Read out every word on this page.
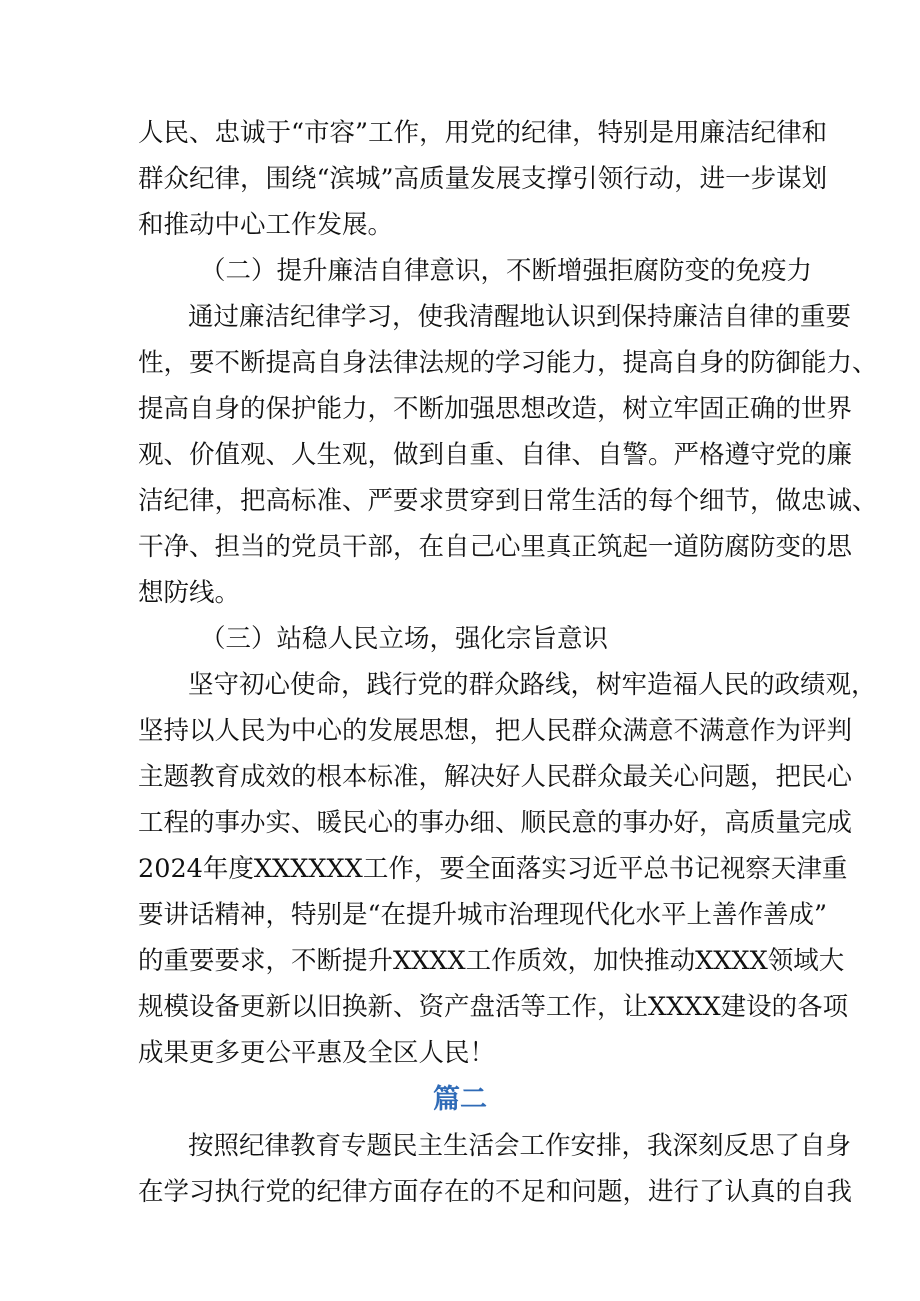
人民、忠诚于“市容”工作，用党的纪律，特别是用廉洁纪律和
群众纪律，围绕“滨城”高质量发展支撑引领行动，进一步谋划
和推动中心工作发展。
（二）提升廉洁自律意识，不断增强拒腐防变的免疫力
通过廉洁纪律学习，使我清醒地认识到保持廉洁自律的重要
性，要不断提高自身法律法规的学习能力，提高自身的防御能力、
提高自身的保护能力，不断加强思想改造，树立牢固正确的世界
观、价值观、人生观，做到自重、自律、自警。严格遵守党的廉
洁纪律，把高标准、严要求贯穿到日常生活的每个细节，做忠诚、
干净、担当的党员干部，在自己心里真正筑起一道防腐防变的思
想防线。
（三）站稳人民立场，强化宗旨意识
坚守初心使命，践行党的群众路线，树牢造福人民的政绩观，
坚持以人民为中心的发展思想，把人民群众满意不满意作为评判
主题教育成效的根本标准，解决好人民群众最关心问题，把民心
工程的事办实、暖民心的事办细、顺民意的事办好，高质量完成
2024年度XXXXXX工作，要全面落实习近平总书记视察天津重
要讲话精神，特别是“在提升城市治理现代化水平上善作善成”
的重要要求，不断提升XXXX工作质效，加快推动XXXX领域大
规模设备更新以旧换新、资产盘活等工作，让XXXX建设的各项
成果更多更公平惠及全区人民！
篇二
按照纪律教育专题民主生活会工作安排，我深刻反思了自身
在学习执行党的纪律方面存在的不足和问题，进行了认真的自我
